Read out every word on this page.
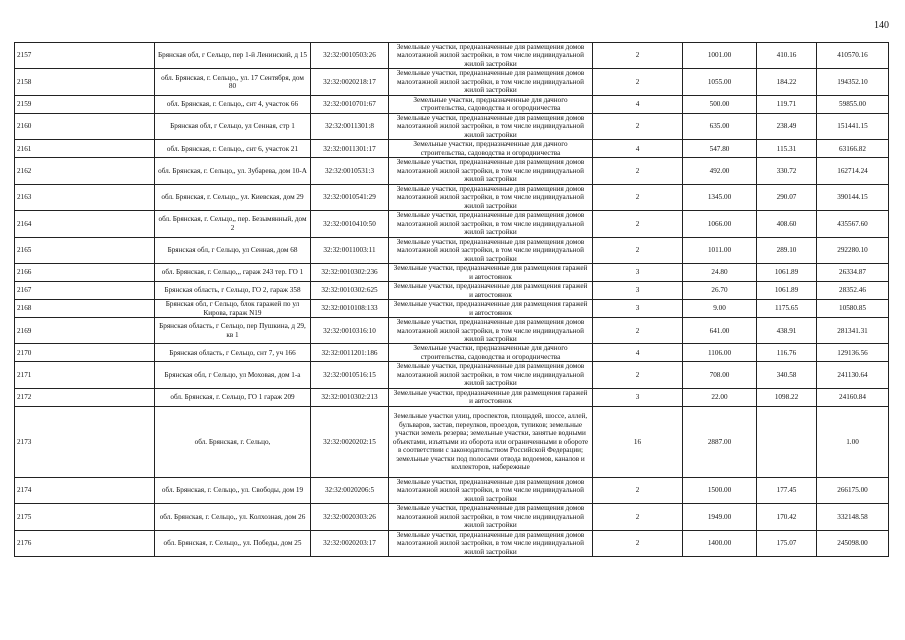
140
2157	Брянская обл, г Сельцо, пер 1-й Ленинский, д 15	32:32:0010503:26	Земельные участки, предназначенные для размещения домов малоэтажной жилой застройки, в том числе индивидуальной жилой застройки	2	1001.00	410.16	410570.16
2158	обл. Брянская, г. Сельцо,, ул. 17 Сентября, дом 80	32:32:0020218:17	Земельные участки, предназначенные для размещения домов малоэтажной жилой застройки, в том числе индивидуальной жилой застройки	2	1055.00	184.22	194352.10
2159	обл. Брянская, г. Сельцо,, снт 4, участок 66	32:32:0010701:67	Земельные участки, предназначенные для дачного строительства, садоводства и огородничества	4	500.00	119.71	59855.00
2160	Брянская обл, г Сельцо, ул Сенная, стр 1	32:32:0011301:8	Земельные участки, предназначенные для размещения домов малоэтажной жилой застройки, в том числе индивидуальной жилой застройки	2	635.00	238.49	151441.15
2161	обл. Брянская, г. Сельцо,, снт 6, участок 21	32:32:0011301:17	Земельные участки, предназначенные для дачного строительства, садоводства и огородничества	4	547.80	115.31	63166.82
2162	обл. Брянская, г. Сельцо,, ул. Зубарева, дом 10-А	32:32:0010531:3	Земельные участки, предназначенные для размещения домов малоэтажной жилой застройки, в том числе индивидуальной жилой застройки	2	492.00	330.72	162714.24
2163	обл. Брянская, г. Сельцо,, ул. Киевская, дом 29	32:32:0010541:29	Земельные участки, предназначенные для размещения домов малоэтажной жилой застройки, в том числе индивидуальной жилой застройки	2	1345.00	290.07	390144.15
2164	обл. Брянская, г. Сельцо,, пер. Безымянный, дом 2	32:32:0010410:50	Земельные участки, предназначенные для размещения домов малоэтажной жилой застройки, в том числе индивидуальной жилой застройки	2	1066.00	408.60	435567.60
2165	Брянская обл, г Сельцо, ул Сенная, дом 68	32:32:0011003:11	Земельные участки, предназначенные для размещения домов малоэтажной жилой застройки, в том числе индивидуальной жилой застройки	2	1011.00	289.10	292280.10
2166	обл. Брянская, г. Сельцо,,, гараж 243 тер. ГО 1	32:32:0010302:236	Земельные участки, предназначенные для размещения гаражей и автостоянок	3	24.80	1061.89	26334.87
2167	Брянская область, г Сельцо, ГО 2, гараж 358	32:32:0010302:625	Земельные участки, предназначенные для размещения гаражей и автостоянок	3	26.70	1061.89	28352.46
2168	Брянская обл, г Сельцо, блок гаражей по ул Кирова, гараж N19	32:32:0010108:133	Земельные участки, предназначенные для размещения гаражей и автостоянок	3	9.00	1175.65	10580.85
2169	Брянская область, г Сельцо, пер Пушкина, д 29, кв 1	32:32:0010316:10	Земельные участки, предназначенные для размещения домов малоэтажной жилой застройки, в том числе индивидуальной жилой застройки	2	641.00	438.91	281341.31
2170	Брянская область, г Сельцо, снт 7, уч 166	32:32:0011201:186	Земельные участки, предназначенные для дачного строительства, садоводства и огородничества	4	1106.00	116.76	129136.56
2171	Брянская обл, г Сельцо, ул Моховая, дом 1-а	32:32:0010516:15	Земельные участки, предназначенные для размещения домов малоэтажной жилой застройки, в том числе индивидуальной жилой застройки	2	708.00	340.58	241130.64
2172	обл. Брянская, г. Сельцо, ГО 1 гараж 209	32:32:0010302:213	Земельные участки, предназначенные для размещения гаражей и автостоянок	3	22.00	1098.22	24160.84
2173	обл. Брянская, г. Сельцо,	32:32:0020202:15	Земельные участки улиц, проспектов, площадей, шоссе, аллей, бульваров, застав, переулков, проездов, тупиков; земельные участки земель резерва; земельные участки, занятые водными объектами, изъятыми из оборота или ограниченными в обороте в соответствии с законодательством Российской Федерации; земельные участки под полосами отвода водоемов, каналов и коллекторов, набережные	16	2887.00		1.00
2174	обл. Брянская, г. Сельцо,, ул. Свободы, дом 19	32:32:0020206:5	Земельные участки, предназначенные для размещения домов малоэтажной жилой застройки, в том числе индивидуальной жилой застройки	2	1500.00	177.45	266175.00
2175	обл. Брянская, г. Сельцо,, ул. Колхозная, дом 26	32:32:0020303:26	Земельные участки, предназначенные для размещения домов малоэтажной жилой застройки, в том числе индивидуальной жилой застройки	2	1949.00	170.42	332148.58
2176	обл. Брянская, г. Сельцо,, ул. Победы, дом 25	32:32:0020203:17	Земельные участки, предназначенные для размещения домов малоэтажной жилой застройки, в том числе индивидуальной жилой застройки	2	1400.00	175.07	245098.00
